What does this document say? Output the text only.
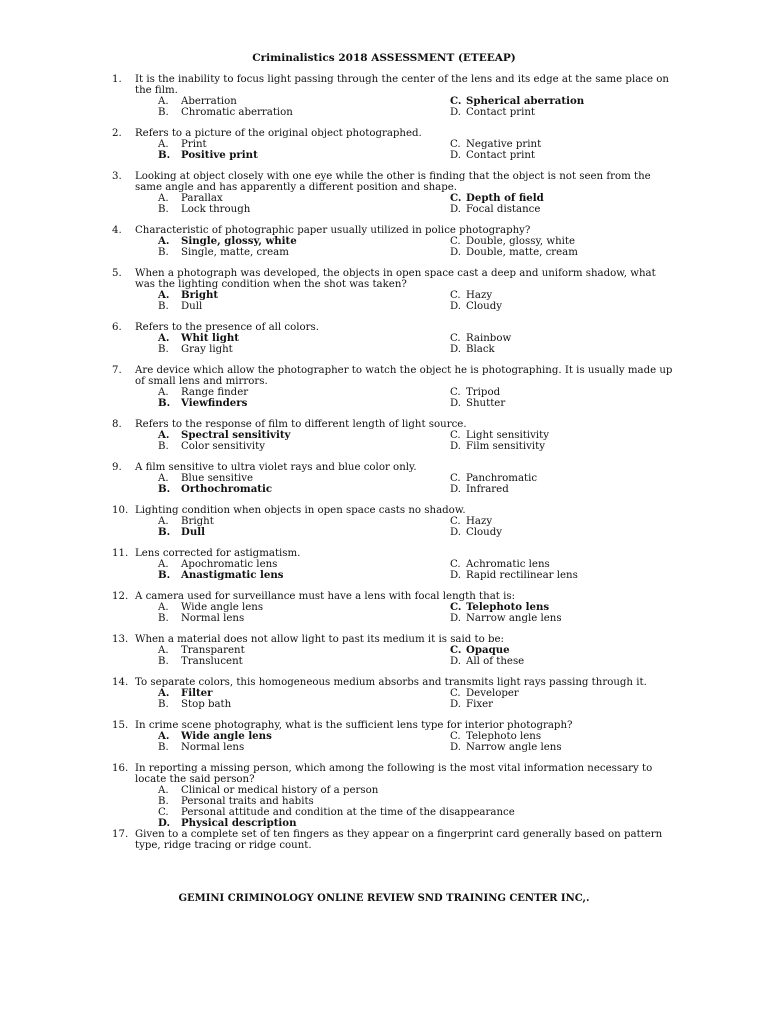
Criminalistics 2018 ASSESSMENT (ETEEAP)
1.	It is the inability to focus light passing through the center of the lens and its edge at the same place on the film.
A.	Aberration	C. Spherical aberration
B.	Chromatic aberration	D. Contact print
2.	Refers to a picture of the original object photographed.
A.	Print	C. Negative print
B.	Positive print	D. Contact print
3.	Looking at object closely with one eye while the other is finding that the object is not seen from the same angle and has apparently a different position and shape.
A.	Parallax	C. Depth of field
B.	Lock through	D. Focal distance
4.	Characteristic of photographic paper usually utilized in police photography?
A.	Single, glossy, white	C. Double, glossy, white
B.	Single, matte, cream	D. Double, matte, cream
5.	When a photograph was developed, the objects in open space cast a deep and uniform shadow, what was the lighting condition when the shot was taken?
A.	Bright	C. Hazy
B.	Dull	D. Cloudy
6.	Refers to the presence of all colors.
A.	Whit light	C. Rainbow
B.	Gray light	D. Black
7.	Are device which allow the photographer to watch the object he is photographing. It is usually made up of small lens and mirrors.
A.	Range finder	C. Tripod
B.	Viewfinders	D. Shutter
8.	Refers to the response of film to different length of light source.
A.	Spectral sensitivity	C. Light sensitivity
B.	Color sensitivity	D. Film sensitivity
9.	A film sensitive to ultra violet rays and blue color only.
A.	Blue sensitive	C. Panchromatic
B.	Orthochromatic	D. Infrared
10. Lighting condition when objects in open space casts no shadow.
A.	Bright	C. Hazy
B.	Dull	D. Cloudy
11. Lens corrected for astigmatism.
A.	Apochromatic lens	C. Achromatic lens
B.	Anastigmatic lens	D. Rapid rectilinear lens
12. A camera used for surveillance must have a lens with focal length that is:
A.	Wide angle lens	C. Telephoto lens
B.	Normal lens	D. Narrow angle lens
13. When a material does not allow light to past its medium it is said to be:
A.	Transparent	C. Opaque
B.	Translucent	D. All of these
14. To separate colors, this homogeneous medium absorbs and transmits light rays passing through it.
A.	Filter	C. Developer
B.	Stop bath	D. Fixer
15. In crime scene photography, what is the sufficient lens type for interior photograph?
A.	Wide angle lens	C. Telephoto lens
B.	Normal lens	D. Narrow angle lens
16. In reporting a missing person, which among the following is the most vital information necessary to locate the said person?
A.	Clinical or medical history of a person
B.	Personal traits and habits
C.	Personal attitude and condition at the time of the disappearance
D.	Physical description
17. Given to a complete set of ten fingers as they appear on a fingerprint card generally based on pattern type, ridge tracing or ridge count.
GEMINI CRIMINOLOGY ONLINE REVIEW SND TRAINING CENTER INC,.
